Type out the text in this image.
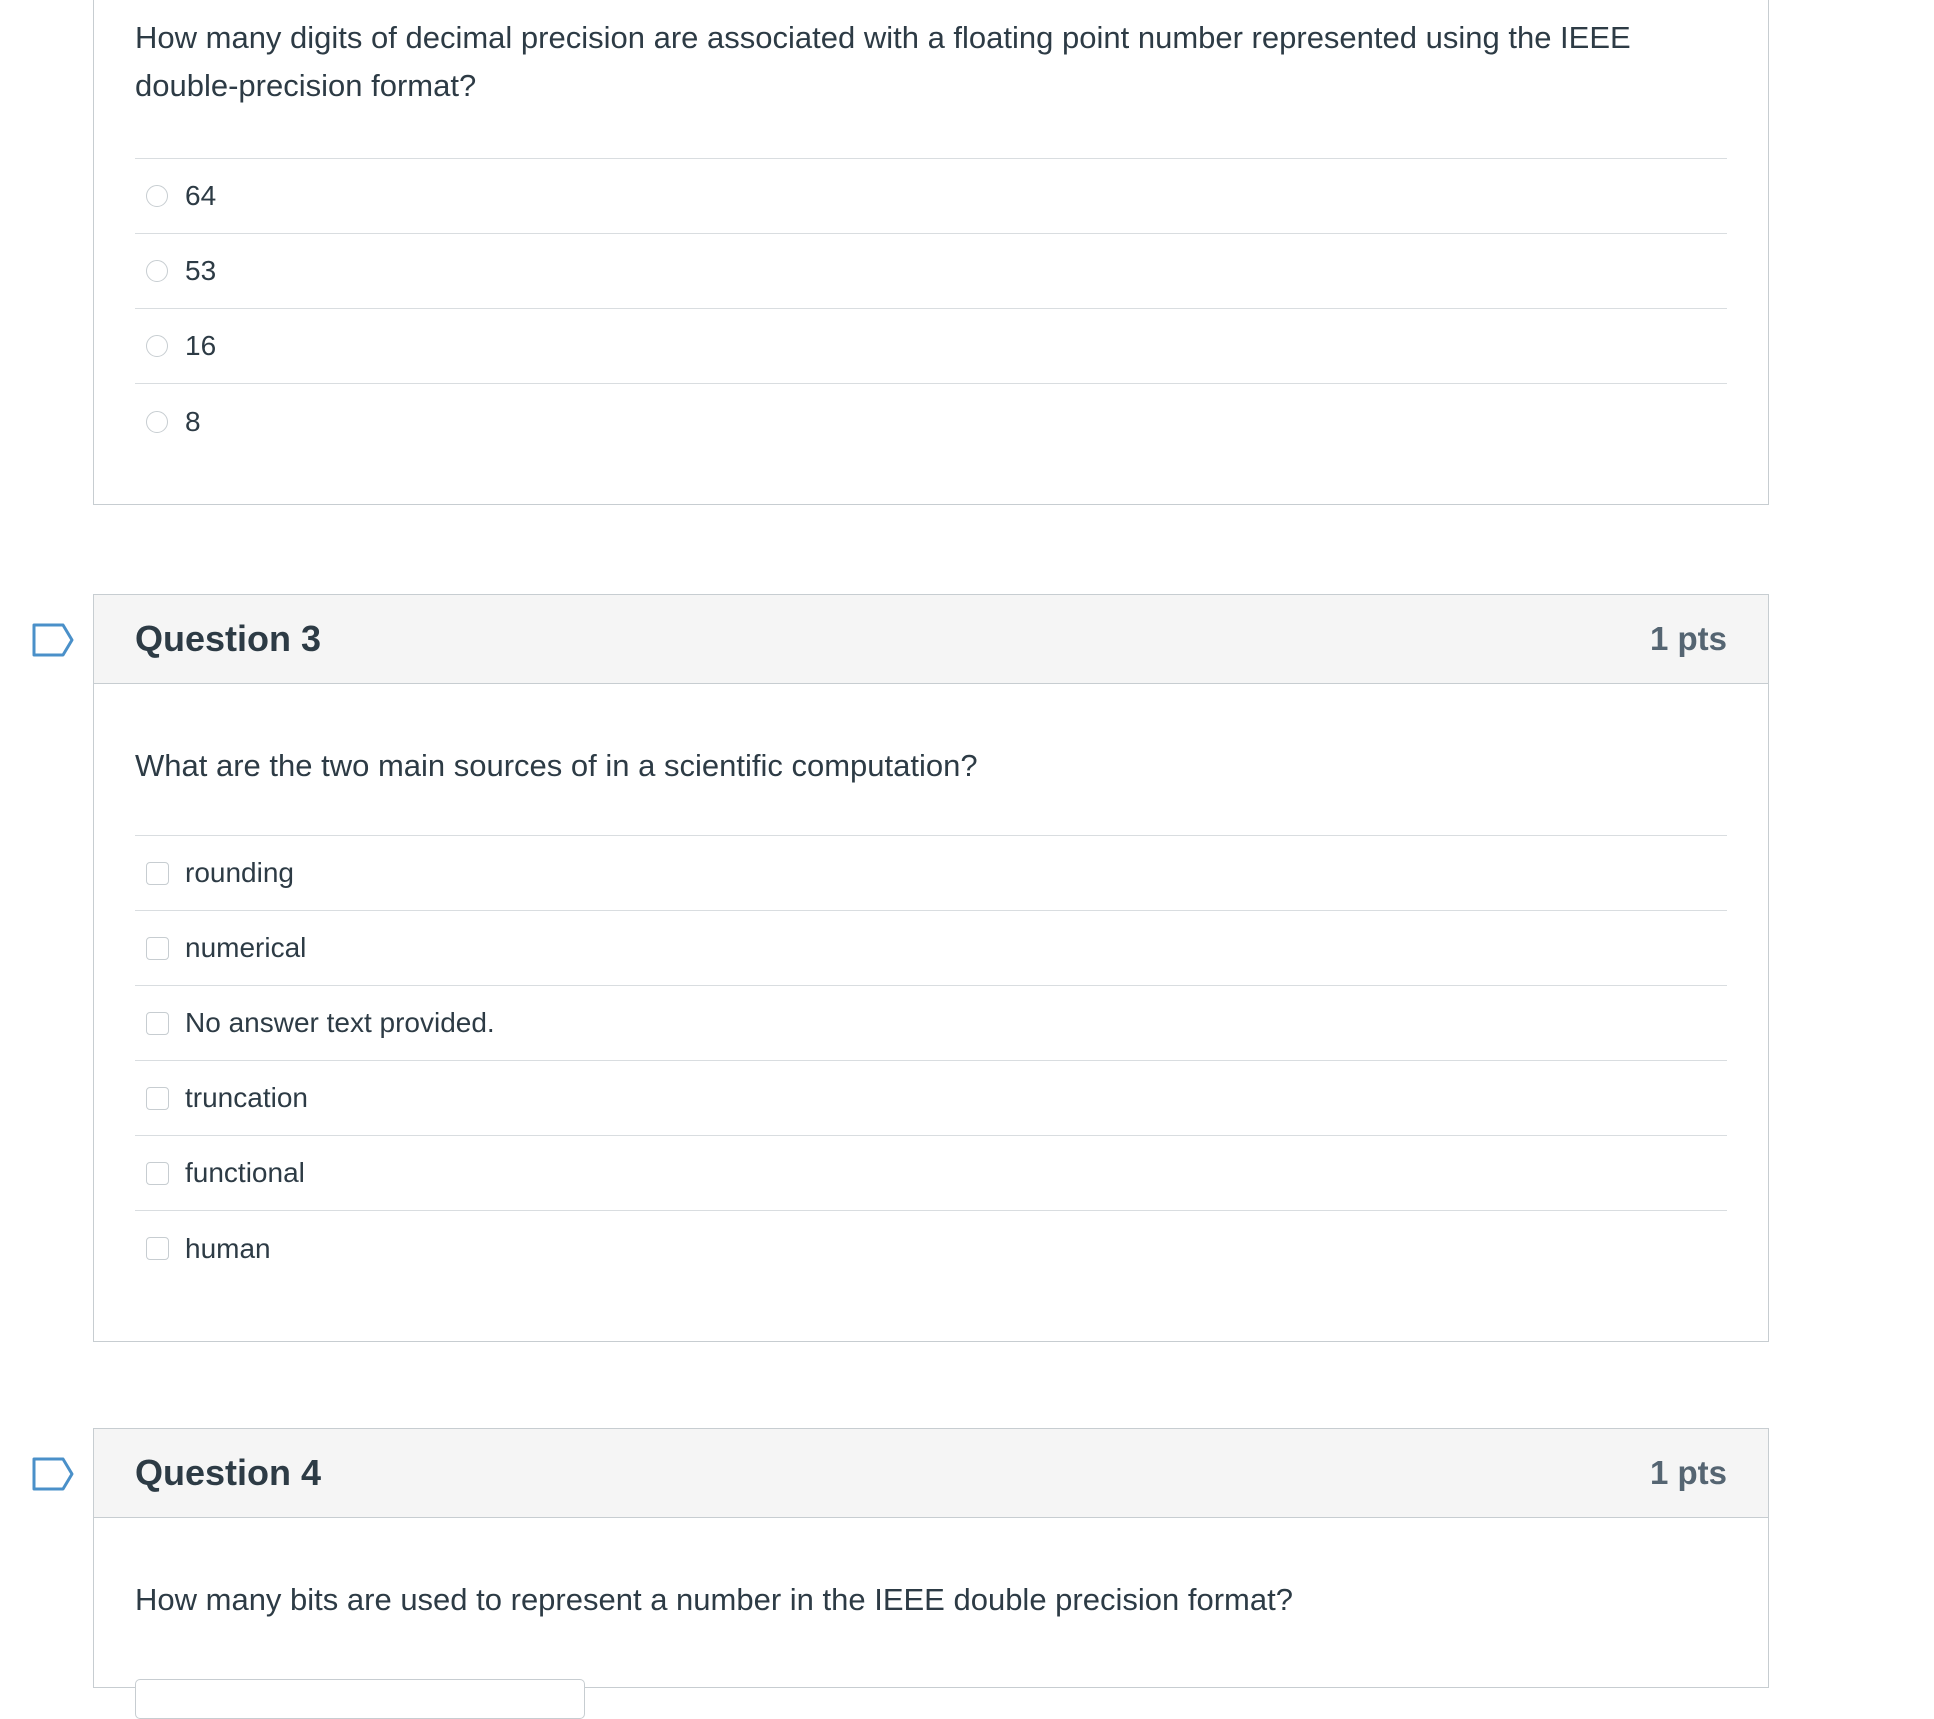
How many digits of decimal precision are associated with a floating point number represented using the IEEE double-precision format?
64
53
16
8
Question 3	1 pts
What are the two main sources of in a scientific computation?
rounding
numerical
No answer text provided.
truncation
functional
human
Question 4	1 pts
How many bits are used to represent a number in the IEEE double precision format?
